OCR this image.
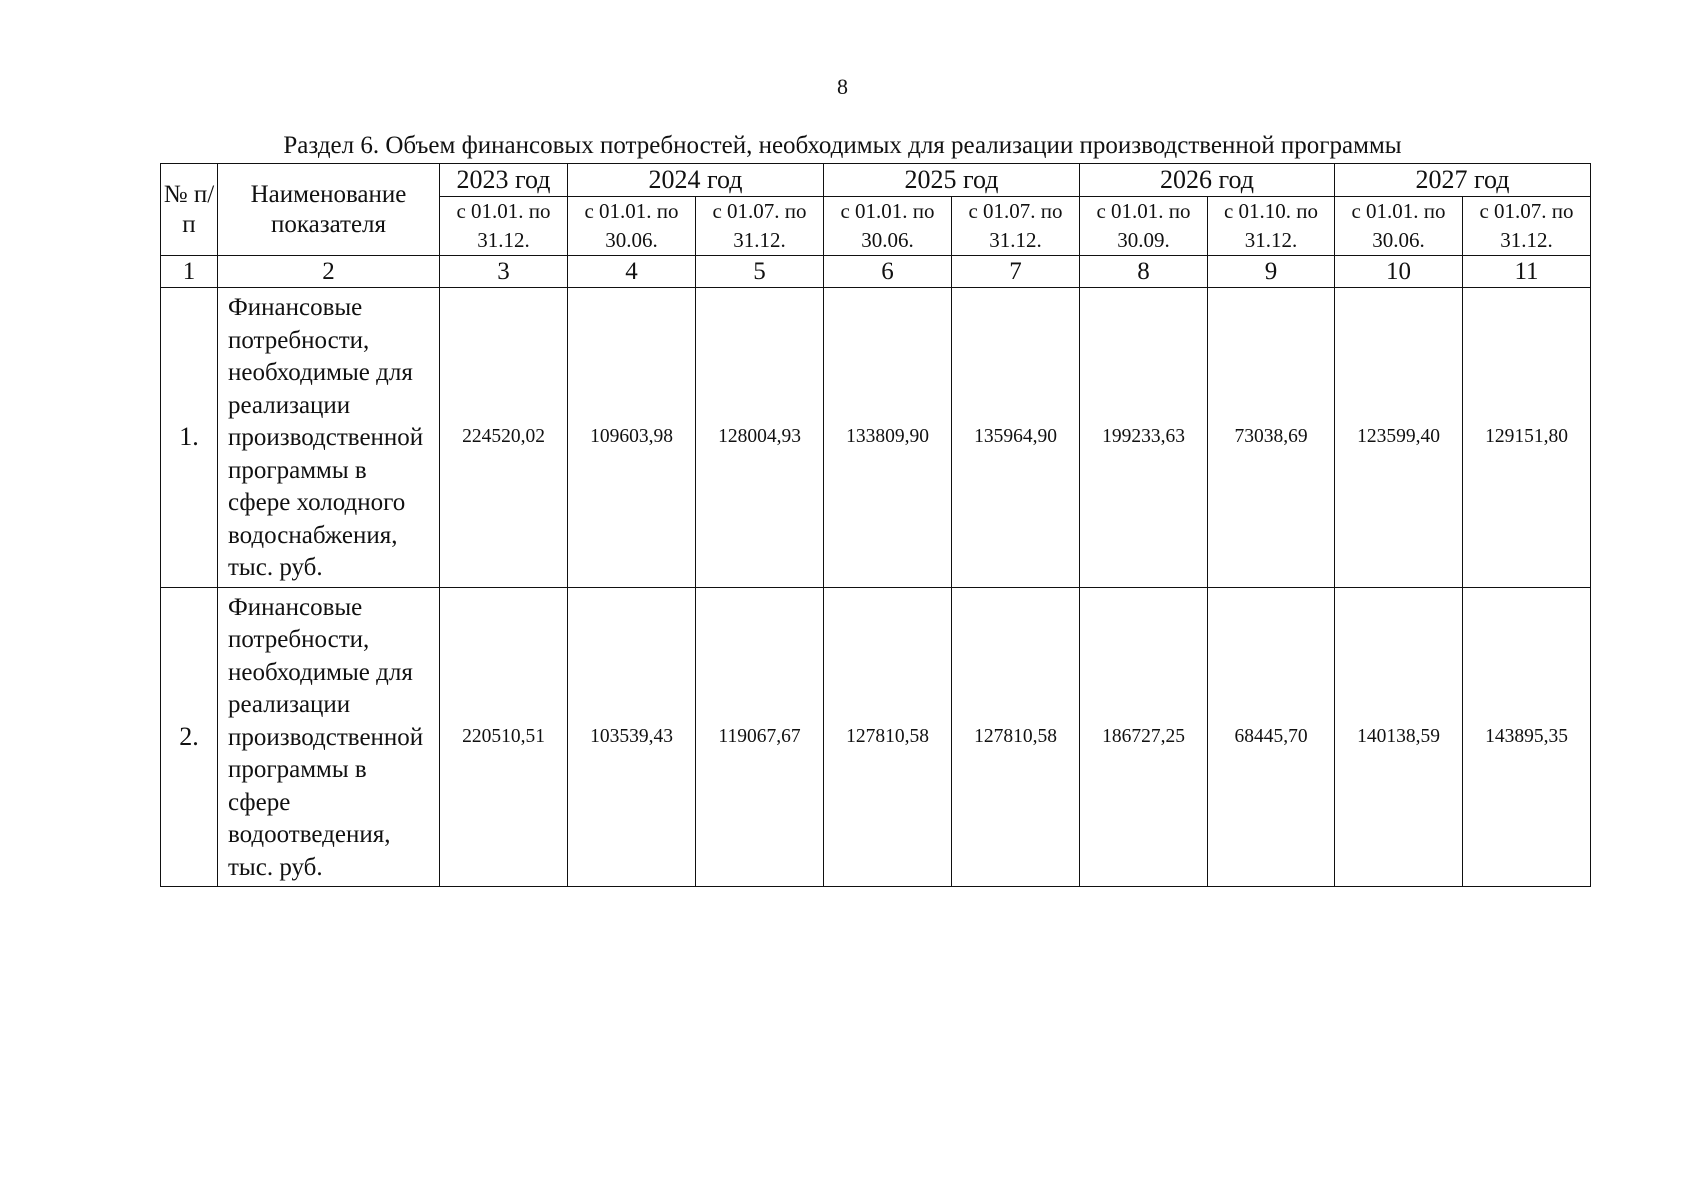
8
Раздел 6. Объем финансовых потребностей, необходимых для реализации производственной программы
№ п/п	Наименование показателя	2023 год	2024 год		2025 год		2026 год		2027 год	
		с 01.01. по 31.12.	с 01.01. по 30.06.	с 01.07. по 31.12.	с 01.01. по 30.06.	с 01.07. по 31.12.	с 01.01. по 30.09.	с 01.10. по 31.12.	с 01.01. по 30.06.	с 01.07. по 31.12.
1	2	3	4	5	6	7	8	9	10	11
1.	Финансовые потребности, необходимые для реализации производственной программы в сфере холодного водоснабжения, тыс. руб.	224520,02	109603,98	128004,93	133809,90	135964,90	199233,63	73038,69	123599,40	129151,80
2.	Финансовые потребности, необходимые для реализации производственной программы в сфере водоотведения, тыс. руб.	220510,51	103539,43	119067,67	127810,58	127810,58	186727,25	68445,70	140138,59	143895,35
